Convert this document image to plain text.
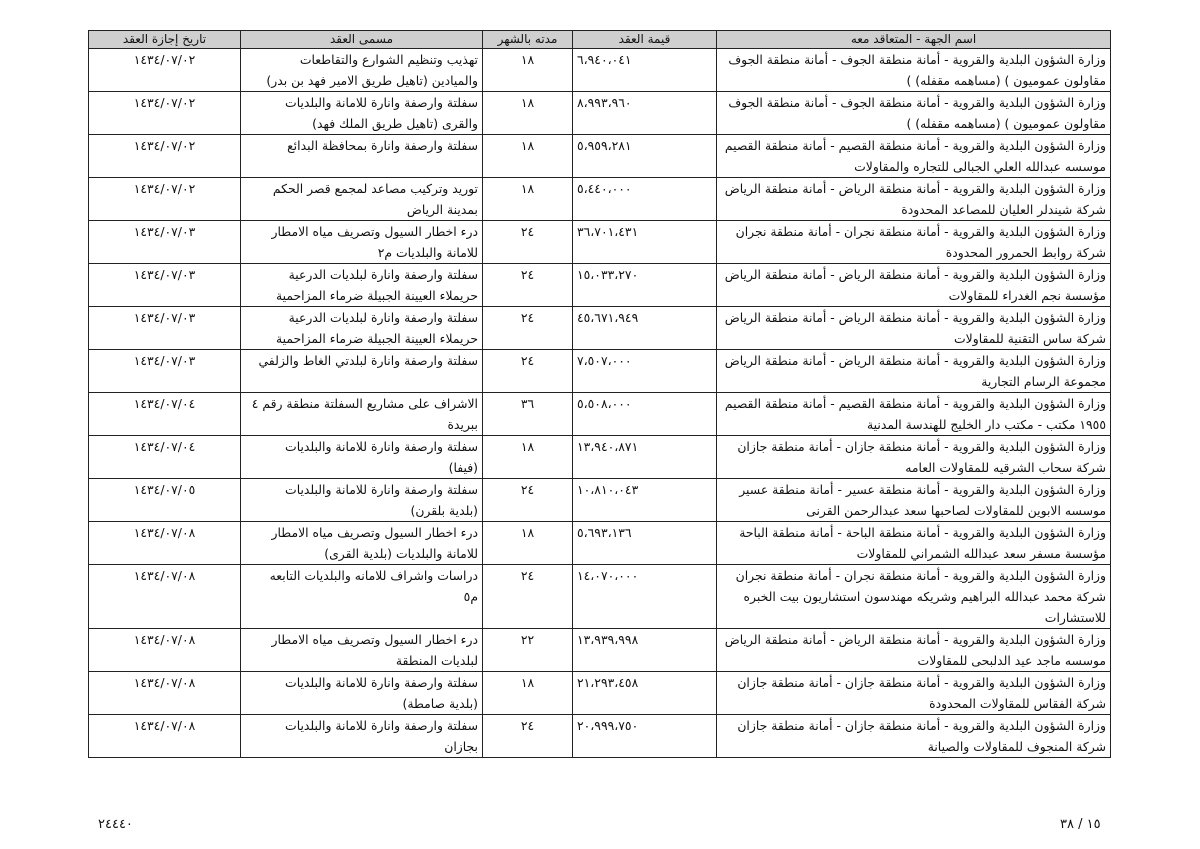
اسم الجهة - المتعاقد معه	قيمة العقد	مدته بالشهر	مسمى العقد	تاريخ إجازة العقد

وزارة الشؤون البلدية والقروية - أمانة منطقة الجوف - أمانة منطقة الجوف
مقاولون عموميون ) (مساهمه مقفله) )	٦،٩٤٠،٠٤١	١٨	تهذيب وتنظيم الشوارع والتقاطعات
والميادين (تاهيل طريق الامير فهد بن بدر)	١٤٣٤/٠٧/٠٢

وزارة الشؤون البلدية والقروية - أمانة منطقة الجوف - أمانة منطقة الجوف
مقاولون عموميون ) (مساهمه مقفله) )	٨،٩٩٣،٩٦٠	١٨	سفلتة وارصفة وانارة للامانة والبلديات
والقرى (تاهيل طريق الملك فهد)	١٤٣٤/٠٧/٠٢

وزارة الشؤون البلدية والقروية - أمانة منطقة القصيم - أمانة منطقة القصيم
موسسه عبدالله العلي الجبالى للتجاره والمقاولات	٥،٩٥٩،٢٨١	١٨	سفلتة وارصفة وانارة بمحافظة البدائع	١٤٣٤/٠٧/٠٢

وزارة الشؤون البلدية والقروية - أمانة منطقة الرياض - أمانة منطقة الرياض
شركة شيندلر العليان للمصاعد المحدودة	٥،٤٤٠،٠٠٠	١٨	توريد وتركيب مصاعد لمجمع قصر الحكم
بمدينة الرياض	١٤٣٤/٠٧/٠٢

وزارة الشؤون البلدية والقروية - أمانة منطقة نجران - أمانة منطقة نجران
شركة روابط الحمرور المحدودة	٣٦،٧٠١،٤٣١	٢٤	درء اخطار السيول وتصريف مياه الامطار
للامانة والبلديات م٢	١٤٣٤/٠٧/٠٣

وزارة الشؤون البلدية والقروية - أمانة منطقة الرياض - أمانة منطقة الرياض
مؤسسة نجم الغدراء للمقاولات	١٥،٠٣٣،٢٧٠	٢٤	سفلتة وارصفة وانارة لبلديات الدرعية
حريملاء العيينة الجبيلة ضرماء المزاحمية	١٤٣٤/٠٧/٠٣

وزارة الشؤون البلدية والقروية - أمانة منطقة الرياض - أمانة منطقة الرياض
شركة ساس التقنية للمقاولات	٤٥،٦٧١،٩٤٩	٢٤	سفلتة وارصفة وانارة لبلديات الدرعية
حريملاء العيينة الجبيلة ضرماء المزاحمية	١٤٣٤/٠٧/٠٣

وزارة الشؤون البلدية والقروية - أمانة منطقة الرياض - أمانة منطقة الرياض
مجموعة الرسام التجارية	٧،٥٠٧،٠٠٠	٢٤	سفلتة وارصفة وانارة لبلدتي الغاط والزلفي	١٤٣٤/٠٧/٠٣

وزارة الشؤون البلدية والقروية - أمانة منطقة القصيم - أمانة منطقة القصيم
١٩٥٥ مكتب - مكتب دار الخليج للهندسة المدنية	٥،٥٠٨،٠٠٠	٣٦	الاشراف على مشاريع السفلتة منطقة رقم ٤
ببريدة	١٤٣٤/٠٧/٠٤

وزارة الشؤون البلدية والقروية - أمانة منطقة جازان - أمانة منطقة جازان
شركة سحاب الشرقيه للمقاولات العامه	١٣،٩٤٠،٨٧١	١٨	سفلتة وارصفة وانارة للامانة والبلديات
(فيفا)	١٤٣٤/٠٧/٠٤

وزارة الشؤون البلدية والقروية - أمانة منطقة عسير - أمانة منطقة عسير
موسسه الابوين للمقاولات لصاحبها سعد عبدالرحمن القرنى	١٠،٨١٠،٠٤٣	٢٤	سفلتة وارصفة وانارة للامانة والبلديات
(بلدية بلقرن)	١٤٣٤/٠٧/٠٥

وزارة الشؤون البلدية والقروية - أمانة منطقة الباحة - أمانة منطقة الباحة
مؤسسة مسفر سعد عبدالله الشمراني للمقاولات	٥،٦٩٣،١٣٦	١٨	درء اخطار السيول وتصريف مياه الامطار
للامانة والبلديات (بلدية القرى)	١٤٣٤/٠٧/٠٨

وزارة الشؤون البلدية والقروية - أمانة منطقة نجران - أمانة منطقة نجران
شركة محمد عبدالله البراهيم وشريكه مهندسون استشاريون بيت الخبره
للاستشارات	١٤،٠٧٠،٠٠٠	٢٤	دراسات واشراف للامانه والبلديات التابعه
م٥	١٤٣٤/٠٧/٠٨

وزارة الشؤون البلدية والقروية - أمانة منطقة الرياض - أمانة منطقة الرياض
موسسه ماجد عيد الدلبحى للمقاولات	١٣،٩٣٩،٩٩٨	٢٢	درء اخطار السيول وتصريف مياه الامطار
لبلديات المنطقة	١٤٣٤/٠٧/٠٨

وزارة الشؤون البلدية والقروية - أمانة منطقة جازان - أمانة منطقة جازان
شركة الفقاس للمقاولات المحدودة	٢١،٢٩٣،٤٥٨	١٨	سفلتة وارصفة وانارة للامانة والبلديات
(بلدية صامطة)	١٤٣٤/٠٧/٠٨

وزارة الشؤون البلدية والقروية - أمانة منطقة جازان - أمانة منطقة جازان
شركة المنجوف للمقاولات والصيانة	٢٠،٩٩٩،٧٥٠	٢٤	سفلتة وارصفة وانارة للامانة والبلديات
بجازان	١٤٣٤/٠٧/٠٨
٢٤٤٤٠	١٥ / ٣٨
